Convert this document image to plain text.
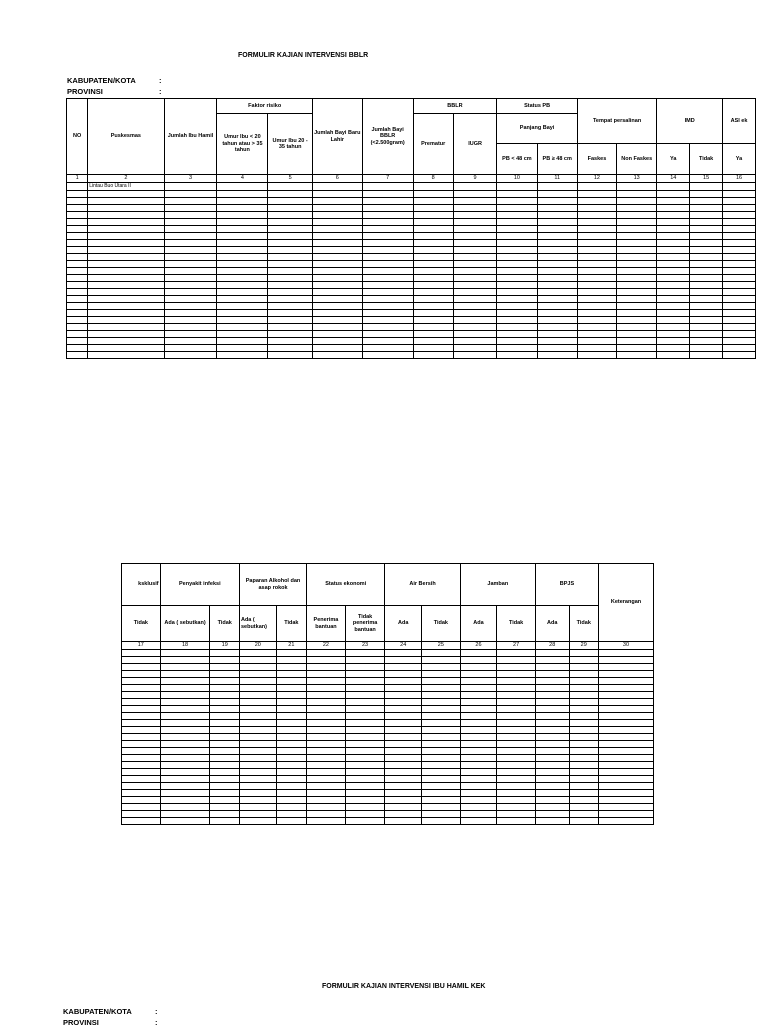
FORMULIR KAJIAN INTERVENSI BBLR
KABUPATEN/KOTA	:
PROVINSI	:
NO	Puskesmas	Jumlah Ibu Hamil	Faktor risiko		Jumlah Bayi Baru Lahir	Jumlah Bayi BBLR (<2.500gram)	BBLR		Status PB		Tempat persalinan		IMD		ASI ek
			Umur Ibu < 20 tahun atau > 35 tahun	Umur Ibu 20 - 35 tahun			Prematur	IUGR	Panjang Bayi						
									PB < 48 cm	PB ≥ 48 cm	Faskes	Non Faskes	Ya	Tidak	Ya
1	2	3	4	5	6	7	8	9	10	11	12	13	14	15	16
	Lintau Buo Utara II														

ksklusif	Penyakit infeksi		Paparan Alkohol dan asap rokok		Status ekonomi		Air Bersih		Jamban		BPJS		Keterangan
Tidak	Ada ( sebutkan)	Tidak	Ada ( sebutkan)	Tidak	Penerima bantuan	Tidak penerima bantuan	Ada	Tidak	Ada	Tidak	Ada	Tidak	
17	18	19	20	21	22	23	24	25	26	27	28	29	30

FORMULIR KAJIAN INTERVENSI IBU HAMIL KEK
KABUPATEN/KOTA	:
PROVINSI	:
